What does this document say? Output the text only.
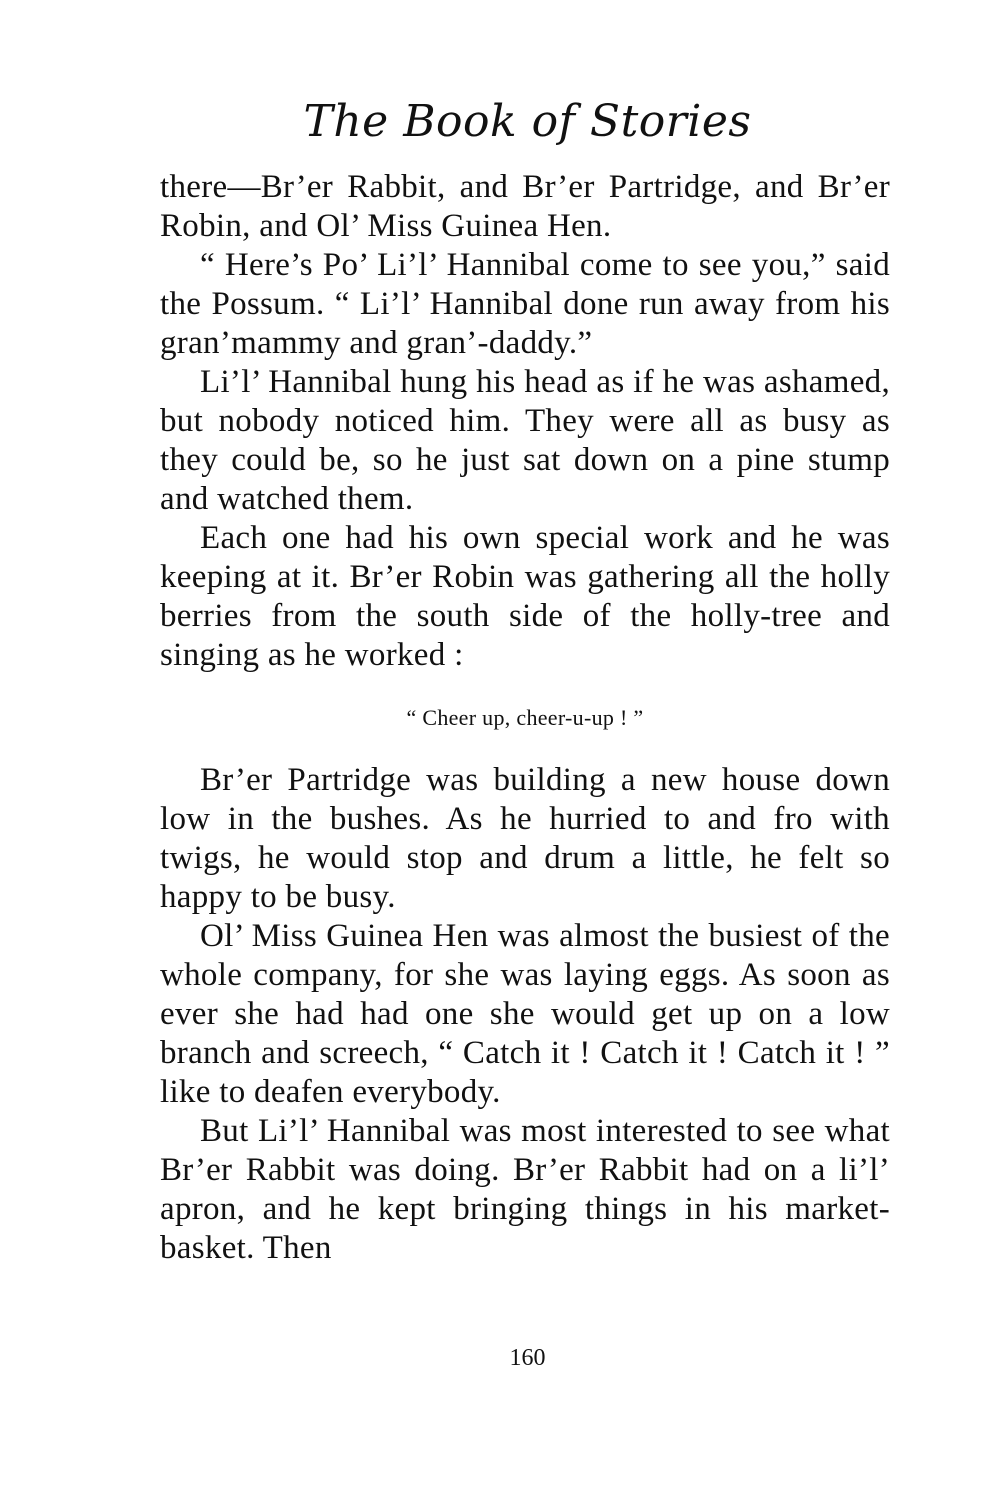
The Book of Stories

there—Br’er Rabbit, and Br’er Partridge, and Br’er Robin, and Ol’ Miss Guinea Hen.

“ Here’s Po’ Li’l’ Hannibal come to see you,” said the Possum. “ Li’l’ Hannibal done run away from his gran’mammy and gran’-daddy.”

Li’l’ Hannibal hung his head as if he was ashamed, but nobody noticed him. They were all as busy as they could be, so he just sat down on a pine stump and watched them.

Each one had his own special work and he was keeping at it. Br’er Robin was gathering all the holly berries from the south side of the holly-tree and singing as he worked :

“ Cheer up, cheer-u-up ! ”

Br’er Partridge was building a new house down low in the bushes. As he hurried to and fro with twigs, he would stop and drum a little, he felt so happy to be busy.

Ol’ Miss Guinea Hen was almost the busiest of the whole company, for she was laying eggs. As soon as ever she had had one she would get up on a low branch and screech, “ Catch it ! Catch it ! Catch it ! ” like to deafen everybody.

But Li’l’ Hannibal was most interested to see what Br’er Rabbit was doing. Br’er Rabbit had on a li’l’ apron, and he kept bringing things in his market-basket. Then

160
